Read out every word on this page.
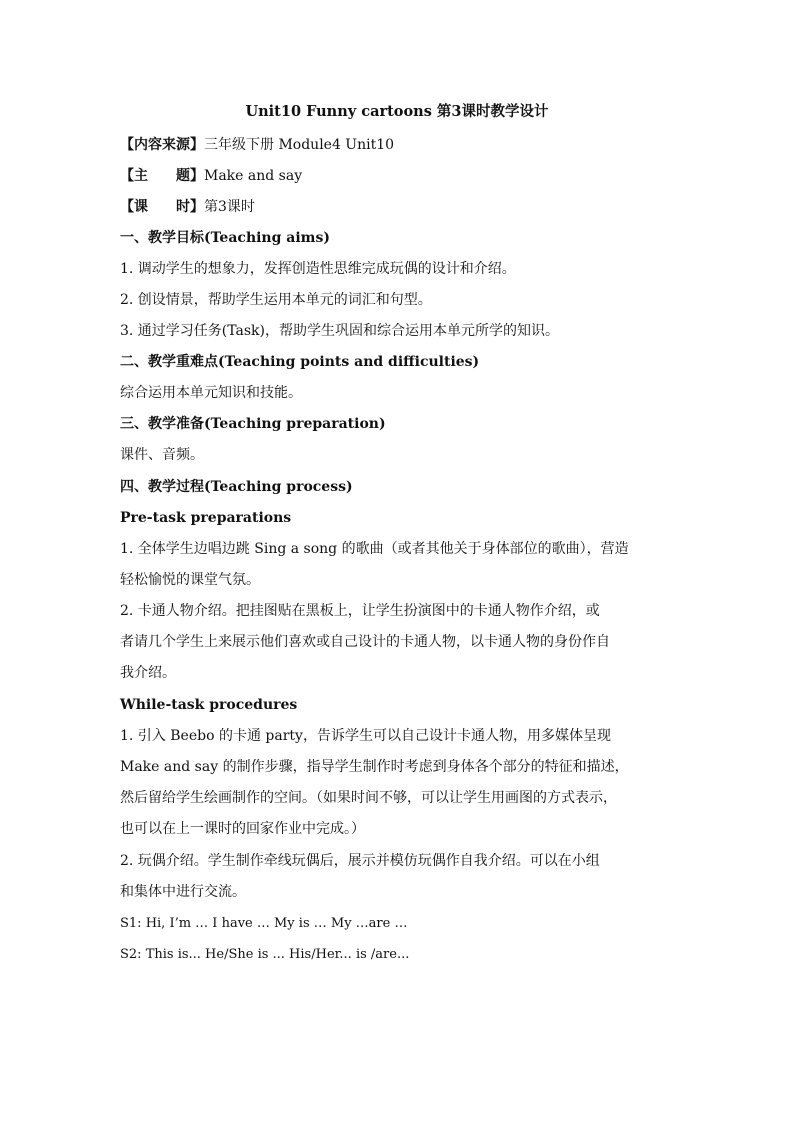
Unit10 Funny cartoons 第3课时教学设计
【内容来源】三年级下册 Module4 Unit10
【主 题】Make and say
【课 时】第3课时
一、教学目标(Teaching aims)
1. 调动学生的想象力，发挥创造性思维完成玩偶的设计和介绍。
2. 创设情景，帮助学生运用本单元的词汇和句型。
3. 通过学习任务(Task)，帮助学生巩固和综合运用本单元所学的知识。
二、教学重难点(Teaching points and difficulties)
综合运用本单元知识和技能。
三、教学准备(Teaching preparation)
课件、音频。
四、教学过程(Teaching process)
Pre-task preparations
1. 全体学生边唱边跳 Sing a song 的歌曲（或者其他关于身体部位的歌曲），营造
轻松愉悦的课堂气氛。
2. 卡通人物介绍。把挂图贴在黑板上，让学生扮演图中的卡通人物作介绍，或
者请几个学生上来展示他们喜欢或自己设计的卡通人物，以卡通人物的身份作自
我介绍。
While-task procedures
1. 引入 Beebo 的卡通 party，告诉学生可以自己设计卡通人物，用多媒体呈现
Make and say 的制作步骤，指导学生制作时考虑到身体各个部分的特征和描述，
然后留给学生绘画制作的空间。（如果时间不够，可以让学生用画图的方式表示，
也可以在上一课时的回家作业中完成。）
2. 玩偶介绍。学生制作牵线玩偶后，展示并模仿玩偶作自我介绍。可以在小组
和集体中进行交流。
S1: Hi, I’m … I have … My is … My …are …
S2: This is... He/She is ... His/Her... is /are...
